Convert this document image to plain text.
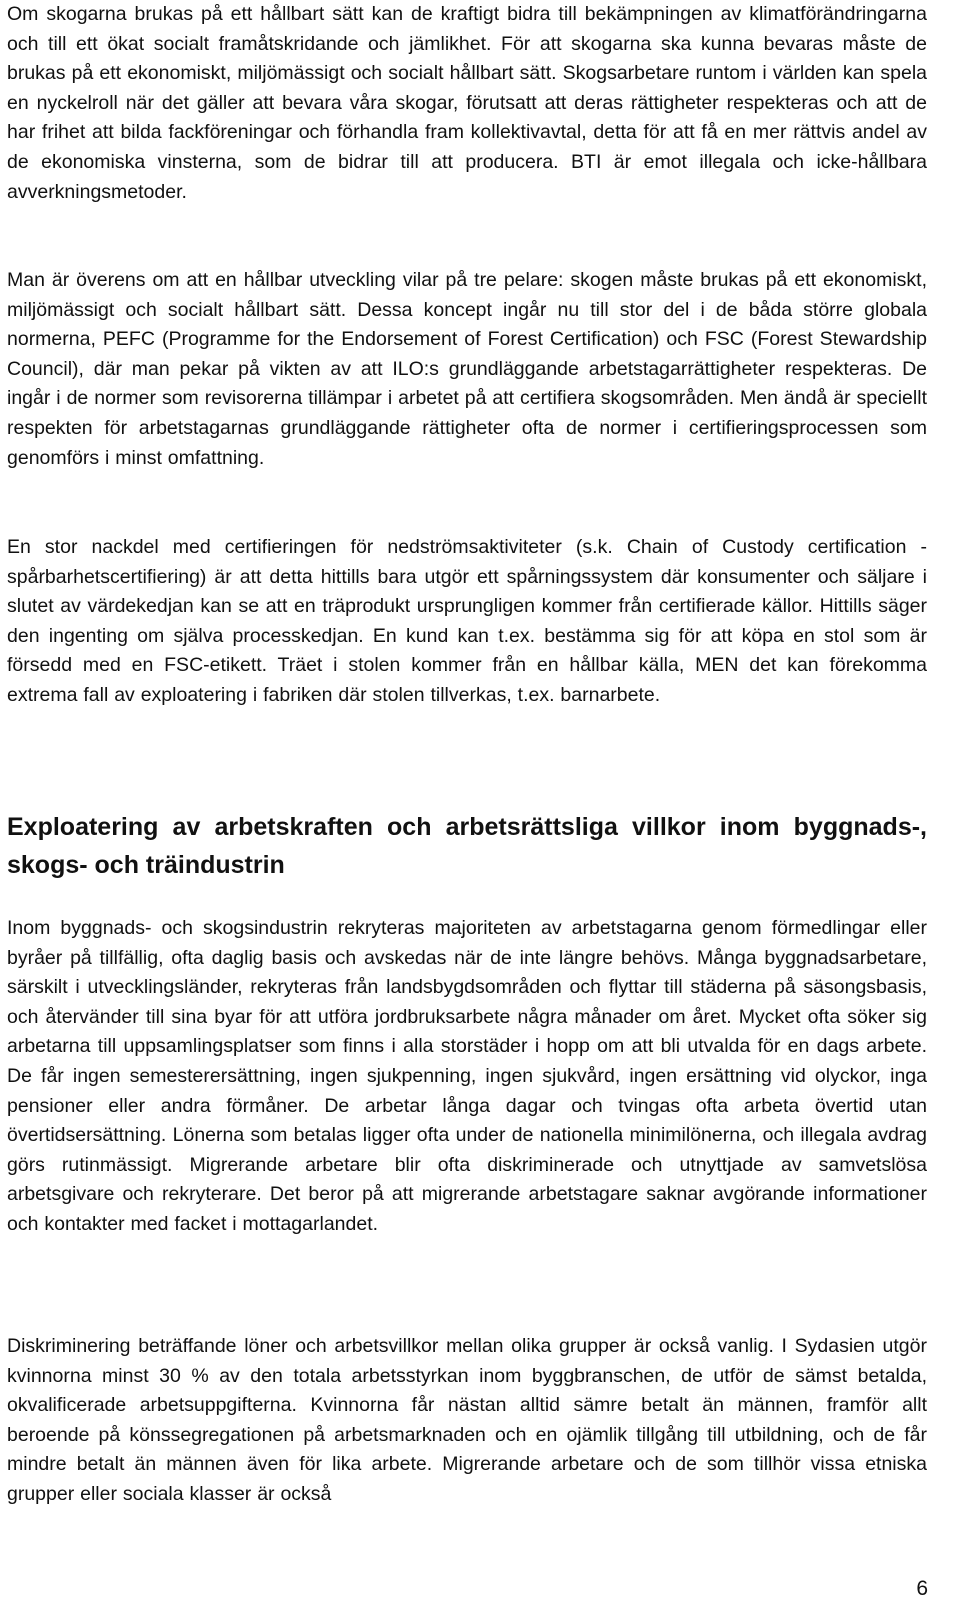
Om skogarna brukas på ett hållbart sätt kan de kraftigt bidra till bekämpningen av klimatförändringarna och till ett ökat socialt framåtskridande och jämlikhet. För att skogarna ska kunna bevaras måste de brukas på ett ekonomiskt, miljömässigt och socialt hållbart sätt. Skogsarbetare runtom i världen kan spela en nyckelroll när det gäller att bevara våra skogar, förutsatt att deras rättigheter respekteras och att de har frihet att bilda fackföreningar och förhandla fram kollektivavtal, detta för att få en mer rättvis andel av de ekonomiska vinsterna, som de bidrar till att producera. BTI är emot illegala och icke-hållbara avverkningsmetoder.

Man är överens om att en hållbar utveckling vilar på tre pelare: skogen måste brukas på ett ekonomiskt, miljömässigt och socialt hållbart sätt. Dessa koncept ingår nu till stor del i de båda större globala normerna, PEFC (Programme for the Endorsement of Forest Certification) och FSC (Forest Stewardship Council), där man pekar på vikten av att ILO:s grundläggande arbetstagarrättigheter respekteras. De ingår i de normer som revisorerna tillämpar i arbetet på att certifiera skogsområden. Men ändå är speciellt respekten för arbetstagarnas grundläggande rättigheter ofta de normer i certifieringsprocessen som genomförs i minst omfattning.

En stor nackdel med certifieringen för nedströmsaktiviteter (s.k. Chain of Custody certification - spårbarhetscertifiering) är att detta hittills bara utgör ett spårningssystem där konsumenter och säljare i slutet av värdekedjan kan se att en träprodukt ursprungligen kommer från certifierade källor. Hittills säger den ingenting om själva processkedjan. En kund kan t.ex. bestämma sig för att köpa en stol som är försedd med en FSC-etikett. Träet i stolen kommer från en hållbar källa, MEN det kan förekomma extrema fall av exploatering i fabriken där stolen tillverkas, t.ex. barnarbete.

Exploatering av arbetskraften och arbetsrättsliga villkor inom byggnads-, skogs- och träindustrin

Inom byggnads- och skogsindustrin rekryteras majoriteten av arbetstagarna genom förmedlingar eller byråer på tillfällig, ofta daglig basis och avskedas när de inte längre behövs. Många byggnadsarbetare, särskilt i utvecklingsländer, rekryteras från landsbygdsområden och flyttar till städerna på säsongsbasis, och återvänder till sina byar för att utföra jordbruksarbete några månader om året. Mycket ofta söker sig arbetarna till uppsamlingsplatser som finns i alla storstäder i hopp om att bli utvalda för en dags arbete. De får ingen semesterersättning, ingen sjukpenning, ingen sjukvård, ingen ersättning vid olyckor, inga pensioner eller andra förmåner. De arbetar långa dagar och tvingas ofta arbeta övertid utan övertidsersättning. Lönerna som betalas ligger ofta under de nationella minimilönerna, och illegala avdrag görs rutinmässigt. Migrerande arbetare blir ofta diskriminerade och utnyttjade av samvetslösa arbetsgivare och rekryterare. Det beror på att migrerande arbetstagare saknar avgörande informationer och kontakter med facket i mottagarlandet.

Diskriminering beträffande löner och arbetsvillkor mellan olika grupper är också vanlig. I Sydasien utgör kvinnorna minst 30 % av den totala arbetsstyrkan inom byggbranschen, de utför de sämst betalda, okvalificerade arbetsuppgifterna. Kvinnorna får nästan alltid sämre betalt än männen, framför allt beroende på könssegregationen på arbetsmarknaden och en ojämlik tillgång till utbildning, och de får mindre betalt än männen även för lika arbete. Migrerande arbetare och de som tillhör vissa etniska grupper eller sociala klasser är också

6
